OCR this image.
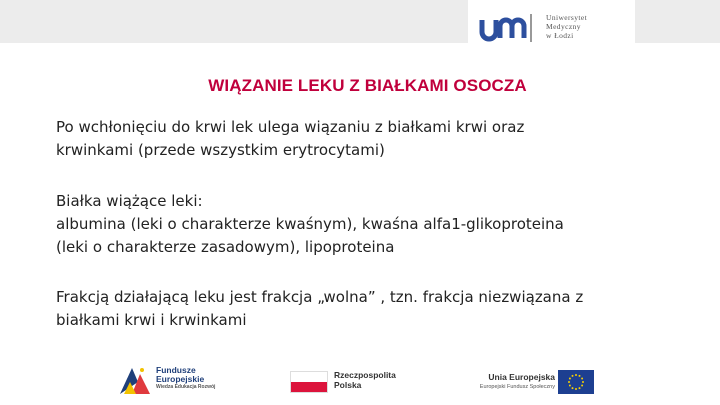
Uniwersytet
Medyczny
w Łodzi
WIĄZANIE LEKU Z BIAŁKAMI OSOCZA
Po wchłonięciu do krwi lek ulega wiązaniu z białkami krwi oraz
krwinkami (przede wszystkim erytrocytami)
Białka wiążące leki:
albumina (leki o charakterze kwaśnym), kwaśna alfa1-glikoproteina
(leki o charakterze zasadowym), lipoproteina
Frakcją działającą leku jest frakcja „wolna” , tzn. frakcja niezwiązana z
białkami krwi i krwinkami
Fundusze
Europejskie
Wiedza Edukacja Rozwój
Rzeczpospolita
Polska
Unia Europejska
Europejski Fundusz Społeczny
